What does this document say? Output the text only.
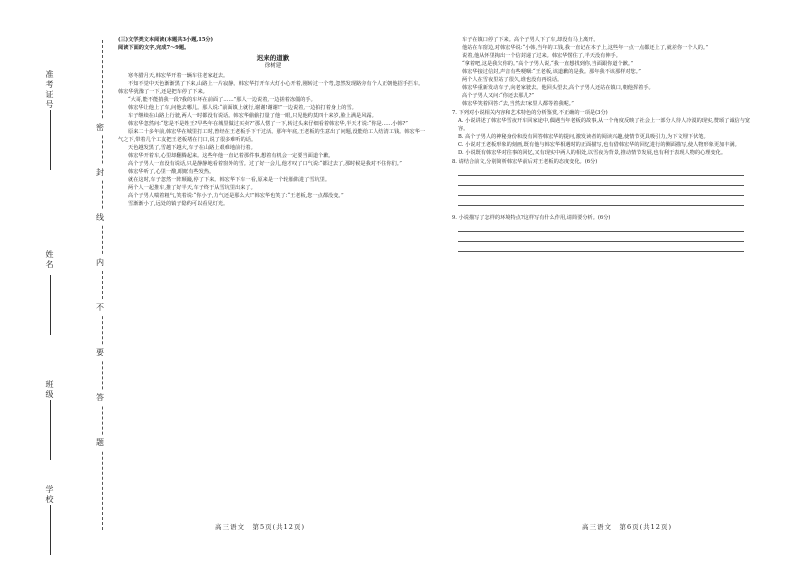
准考证号
姓名
班级
学校
密
封
线
内
不
要
答
题

(三)文学类文本阅读(本题共3小题,15分)

阅读下面的文字,完成7～9题。

迟来的道歉
徐树建

寒冬腊月天,韩宏华开着一辆车往老家赶去。

不知不觉中天色渐渐黑了下来,山路上一片寂静。韩宏华打开车大灯小心开着,刚转过一个弯,忽然发现路旁有个人正朝他招手拦车。韩宏华犹豫了一下,还是把车停了下来。

“大哥,能不能捎我一段?我的车坏在前面了……”那人一边说着,一边搓着冻僵的手。

韩宏华让他上了车,问他去哪儿。那人说:“前面镇上就行,谢谢!谢谢!”一边说着,一边拍打着身上的雪。

车子继续在山路上行驶,两人一时都没有说话。韩宏华偷偷打量了他一眼,只见他约莫四十来岁,脸上满是风霜。

韩宏华忽然问:“您是不是姓王?早些年在城里做过买卖?”那人愣了一下,转过头来仔细看着韩宏华,半天才说:“你是……小韩?”

原来二十多年前,韩宏华在城里打工时,曾经在王老板手下干过活。那年年底,王老板的生意出了问题,没能给工人结清工钱。韩宏华一气之下,带着几个工友把王老板堵在门口,说了很多难听的话。

天色越发黑了,雪越下越大,车子在山路上艰难地前行着。

韩宏华开着车,心里却翻腾起来。这些年他一直记着那件事,想着有机会一定要当面道个歉。

高个子男人一直没有说话,只是静静地看着窗外的雪。过了好一会儿,他才叹了口气说:“都过去了,那时候是我对不住你们。”

韩宏华听了,心里一酸,眼眶有些发热。

就在这时,车子忽然一阵颠簸,停了下来。韩宏华下车一看,原来是一个轮胎陷进了雪坑里。

两个人一起推车,推了好半天,车子终于从雪坑里出来了。

高个子男人喘着粗气,笑着说:“你小子,力气还是那么大!”韩宏华也笑了:“王老板,您一点都没变。”

雪渐渐小了,远处的镇子隐约可以看见灯光。

车子在镇口停了下来。高个子男人下了车,却没有马上离开。

他站在车窗边,对韩宏华说:“小韩,当年的工钱,我一直记在本子上,这些年一点一点都还上了,就差你一个人的。”

说着,他从怀里掏出一个信封递了过来。韩宏华愣住了,半天没有伸手。

“拿着吧,这是我欠你的。”高个子男人说,“我一直想找到你,当面跟你道个歉。”

韩宏华接过信封,声音有些哽咽:“王老板,该道歉的是我。那年我不该那样对您。”

两个人在雪夜里站了很久,谁也没有再说话。

韩宏华重新发动车子,向老家驶去。他回头望去,高个子男人还站在镇口,朝他挥着手。

高个子男人又问:“你还去那儿?”

韩宏华笑着回答:“去,当然去!家里人都等着我呢。”

7. 下列对小说相关内容和艺术特色的分析鉴赏,不正确的一项是(3分)

A. 小说讲述了韩宏华雪夜开车回家途中,偶遇当年老板的故事,从一个角度反映了社会上一部分人待人冷漠的现实,赞颂了诚信与宽容。

B. 高个子男人的神秘身份和没有回答韩宏华的提问,激发读者的阅读兴趣,使情节更具吸引力,为下文埋下伏笔。

C. 小说对王老板形象的刻画,既有他与韩宏华相遇时的正面描写,也有借韩宏华的回忆进行的侧面描写,使人物形象更加丰满。

D. 小说既有韩宏华对往事的回忆,又有现实中两人的相处,以雪夜为背景,推动情节发展,也有利于表现人物的心理变化。

8. 请结合前文,分别简析韩宏华前后对王老板的态度变化。(6分)

9. 小说描写了怎样的环境特点?这样写有什么作用,请简要分析。(6分)

高三语文　第5页(共12页)	高三语文　第6页(共12页)
